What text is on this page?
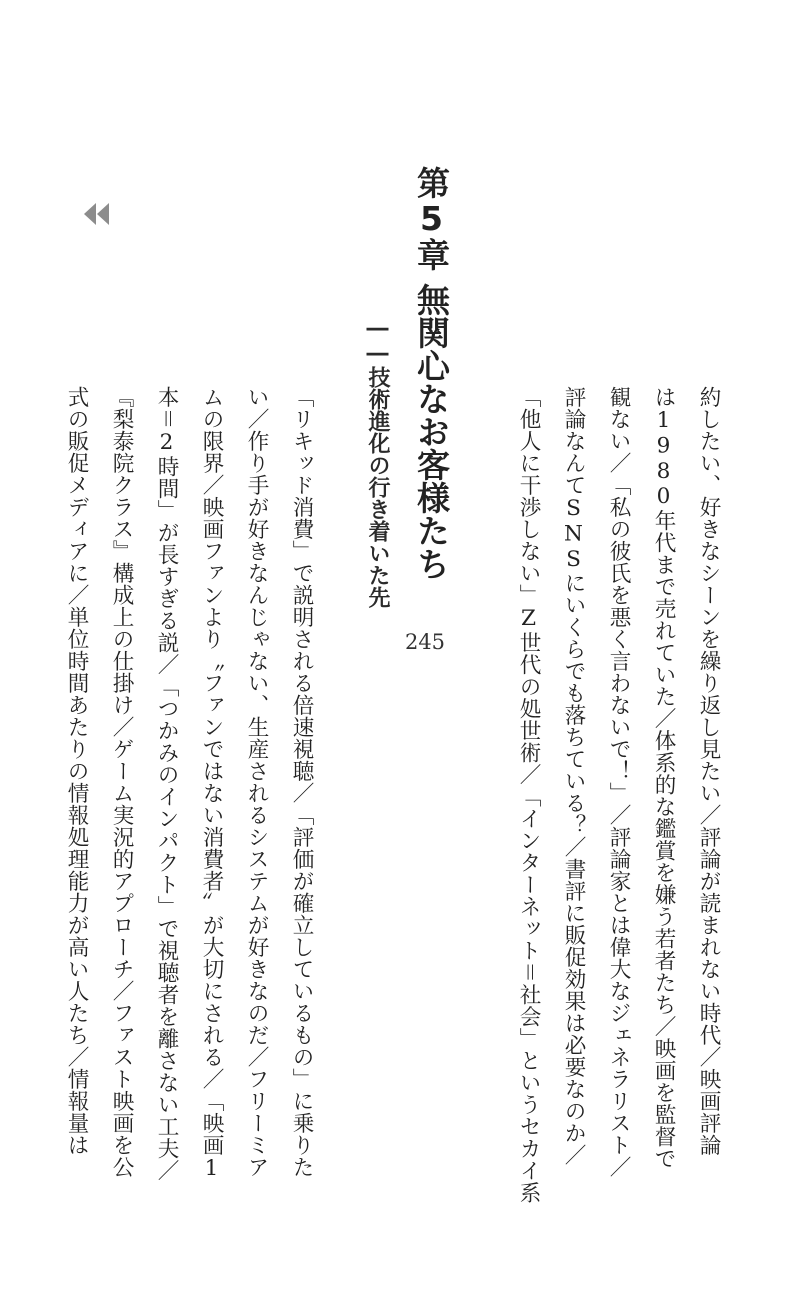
第5章
無関心なお客様たち

――技術進化の行き着いた先

245	約したい、好きなシーンを繰り返し見たい／評論が読まれない時代／映画評論
は1980年代まで売れていた／体系的な鑑賞を嫌う若者たち／映画を監督で
観ない／「私の彼氏を悪く言わないで！」／評論家とは偉大なジェネラリスト／
評論なんてSNSにいくらでも落ちている？／書評に販促効果は必要なのか／
「他人に干渉しない」Z世代の処世術／「インターネット＝社会」というセカイ系
「リキッド消費」で説明される倍速視聴／「評価が確立しているもの」に乗りた
い／作り手が好きなんじゃない、生産されるシステムが好きなのだ／フリーミア
ムの限界／映画ファンより〝ファンではない消費者〟が大切にされる／「映画1
本＝2時間」が長すぎる説／「つかみのインパクト」で視聴者を離さない工夫／
『梨泰院クラス』構成上の仕掛け／ゲーム実況的アプローチ／ファスト映画を公
式の販促メディアに／単位時間あたりの情報処理能力が高い人たち／情報量は
